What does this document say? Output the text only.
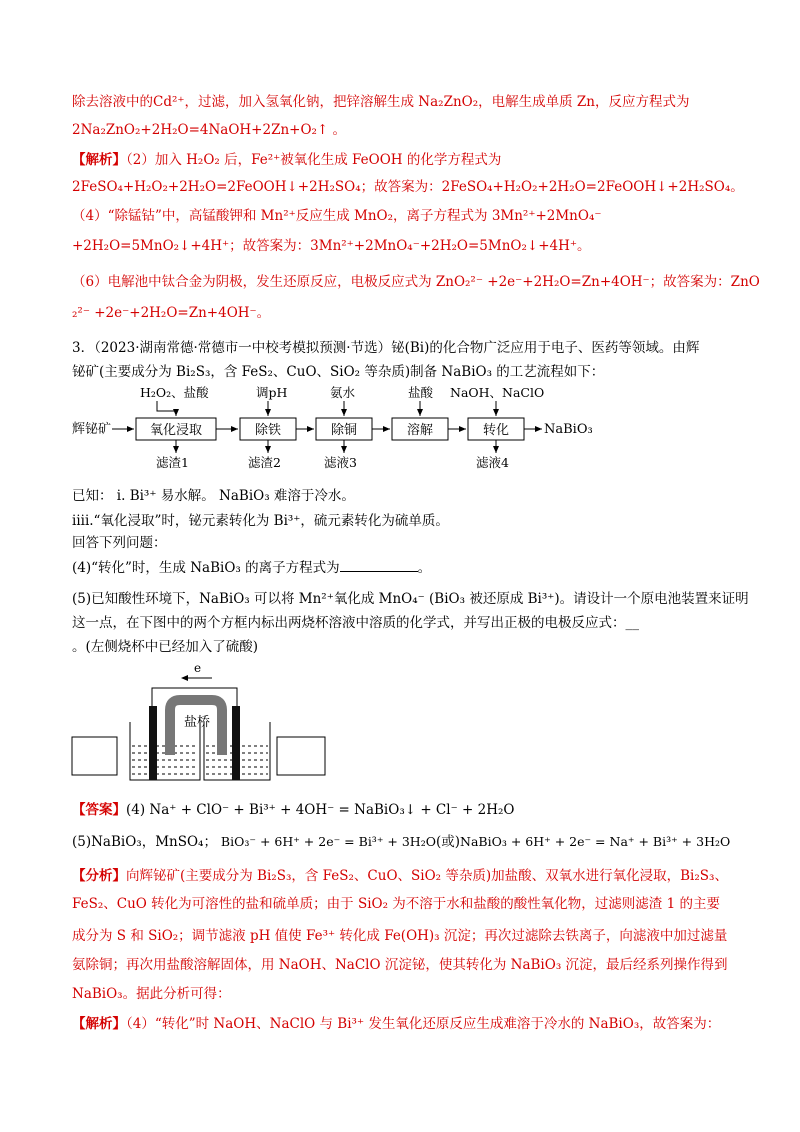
除去溶液中的Cd²⁺，过滤，加入氢氧化钠，把锌溶解生成 Na₂ZnO₂，电解生成单质 Zn，反应方程式为
2Na₂ZnO₂+2H₂O=4NaOH+2Zn+O₂↑ 。
【解析】（2）加入 H₂O₂ 后，Fe²⁺被氧化生成 FeOOH 的化学方程式为
2FeSO₄+H₂O₂+2H₂O=2FeOOH↓+2H₂SO₄；故答案为：2FeSO₄+H₂O₂+2H₂O=2FeOOH↓+2H₂SO₄。
（4）“除锰钴”中，高锰酸钾和 Mn²⁺反应生成 MnO₂，离子方程式为 3Mn²⁺+2MnO₄⁻
+2H₂O=5MnO₂↓+4H⁺；故答案为：3Mn²⁺+2MnO₄⁻+2H₂O=5MnO₂↓+4H⁺。
（6）电解池中钛合金为阴极，发生还原反应，电极反应式为 ZnO₂²⁻ +2e⁻+2H₂O=Zn+4OH⁻；故答案为：ZnO
₂²⁻ +2e⁻+2H₂O=Zn+4OH⁻。
3．（2023·湖南常德·常德市一中校考模拟预测·节选）铋(Bi)的化合物广泛应用于电子、医药等领域。由辉
铋矿(主要成分为 Bi₂S₃，含 FeS₂、CuO、SiO₂ 等杂质)制备 NaBiO₃ 的工艺流程如下：
辉铋矿	氧化浸取	除铁	除铜	溶解	转化	NaBiO₃
H₂O₂、盐酸	调pH	氨水	盐酸 NaOH、NaClO
滤渣1	滤渣2	滤液3	滤液4
已知： i. Bi³⁺ 易水解。 NaBiO₃ 难溶于冷水。
ⅱii.“氧化浸取”时，铋元素转化为 Bi³⁺，硫元素转化为硫单质。
回答下列问题：
(4)“转化”时，生成 NaBiO₃ 的离子方程式为	。
(5)已知酸性环境下，NaBiO₃ 可以将 Mn²⁺氧化成 MnO₄⁻ (BiO₃ 被还原成 Bi³⁺)。请设计一个原电池装置来证明
这一点，在下图中的两个方框内标出两烧杯溶液中溶质的化学式，并写出正极的电极反应式：__
。(左侧烧杯中已经加入了硫酸)
e
盐桥
【答案】(4) Na⁺ + ClO⁻ + Bi³⁺ + 4OH⁻ = NaBiO₃↓ + Cl⁻ + 2H₂O
(5)NaBiO₃，MnSO₄； BiO₃⁻ + 6H⁺ + 2e⁻ = Bi³⁺ + 3H₂O(或)NaBiO₃ + 6H⁺ + 2e⁻ = Na⁺ + Bi³⁺ + 3H₂O
【分析】向辉铋矿(主要成分为 Bi₂S₃，含 FeS₂、CuO、SiO₂ 等杂质)加盐酸、双氧水进行氧化浸取，Bi₂S₃、
FeS₂、CuO 转化为可溶性的盐和硫单质；由于 SiO₂ 为不溶于水和盐酸的酸性氧化物，过滤则滤渣 1 的主要
成分为 S 和 SiO₂；调节滤液 pH 值使 Fe³⁺ 转化成 Fe(OH)₃ 沉淀；再次过滤除去铁离子，向滤液中加过滤量
氨除铜；再次用盐酸溶解固体，用 NaOH、NaClO 沉淀铋，使其转化为 NaBiO₃ 沉淀，最后经系列操作得到
NaBiO₃。据此分析可得：
【解析】（4）“转化”时 NaOH、NaClO 与 Bi³⁺ 发生氧化还原反应生成难溶于冷水的 NaBiO₃，故答案为：
